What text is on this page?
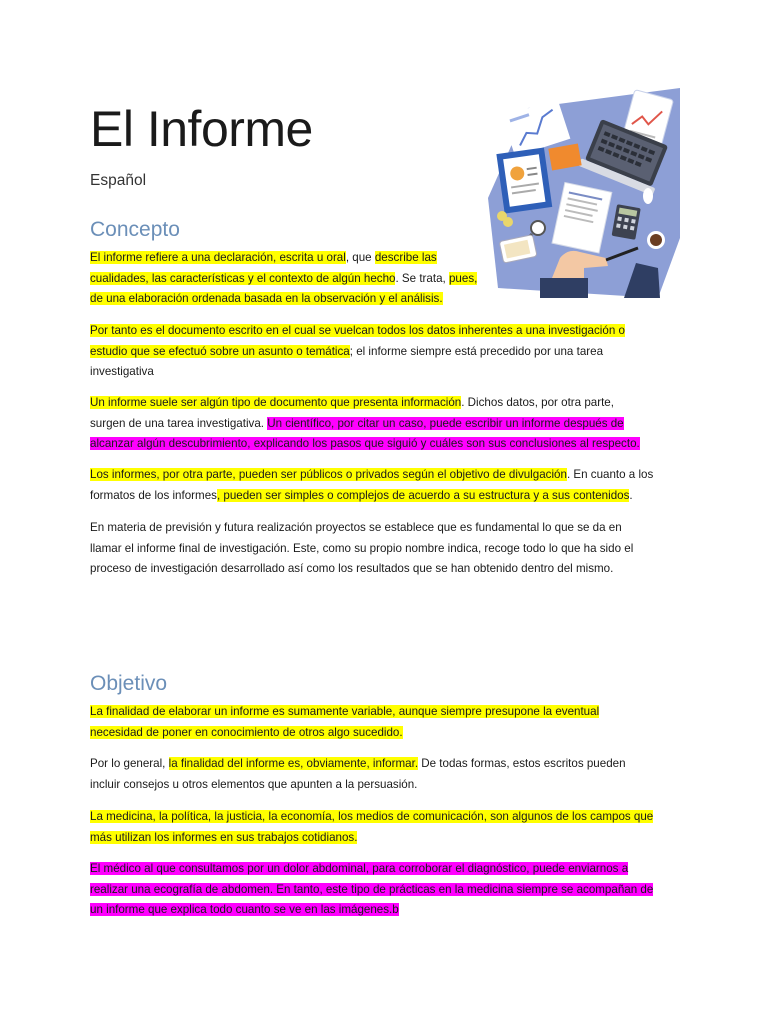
El Informe

Español

Concepto

El informe refiere a una declaración, escrita u oral, que describe las
cualidades, las características y el contexto de algún hecho. Se trata, pues,
de una elaboración ordenada basada en la observación y el análisis.

Por tanto es el documento escrito en el cual se vuelcan todos los datos inherentes a una investigación o
estudio que se efectuó sobre un asunto o temática; el informe siempre está precedido por una tarea
investigativa

Un informe suele ser algún tipo de documento que presenta información. Dichos datos, por otra parte,
surgen de una tarea investigativa. Un científico, por citar un caso, puede escribir un informe después de
alcanzar algún descubrimiento, explicando los pasos que siguió y cuáles son sus conclusiones al respecto.

Los informes, por otra parte, pueden ser públicos o privados según el objetivo de divulgación. En cuanto a los
formatos de los informes, pueden ser simples o complejos de acuerdo a su estructura y a sus contenidos.

En materia de previsión y futura realización proyectos se establece que es fundamental lo que se da en
llamar el informe final de investigación. Este, como su propio nombre indica, recoge todo lo que ha sido el
proceso de investigación desarrollado así como los resultados que se han obtenido dentro del mismo.

Objetivo

La finalidad de elaborar un informe es sumamente variable, aunque siempre presupone la eventual
necesidad de poner en conocimiento de otros algo sucedido.

Por lo general, la finalidad del informe es, obviamente, informar. De todas formas, estos escritos pueden
incluir consejos u otros elementos que apunten a la persuasión.

La medicina, la política, la justicia, la economía, los medios de comunicación, son algunos de los campos que
más utilizan los informes en sus trabajos cotidianos.

El médico al que consultamos por un dolor abdominal, para corroborar el diagnóstico, puede enviarnos a
realizar una ecografía de abdomen. En tanto, este tipo de prácticas en la medicina siempre se acompañan de
un informe que explica todo cuanto se ve en las imágenes.b
